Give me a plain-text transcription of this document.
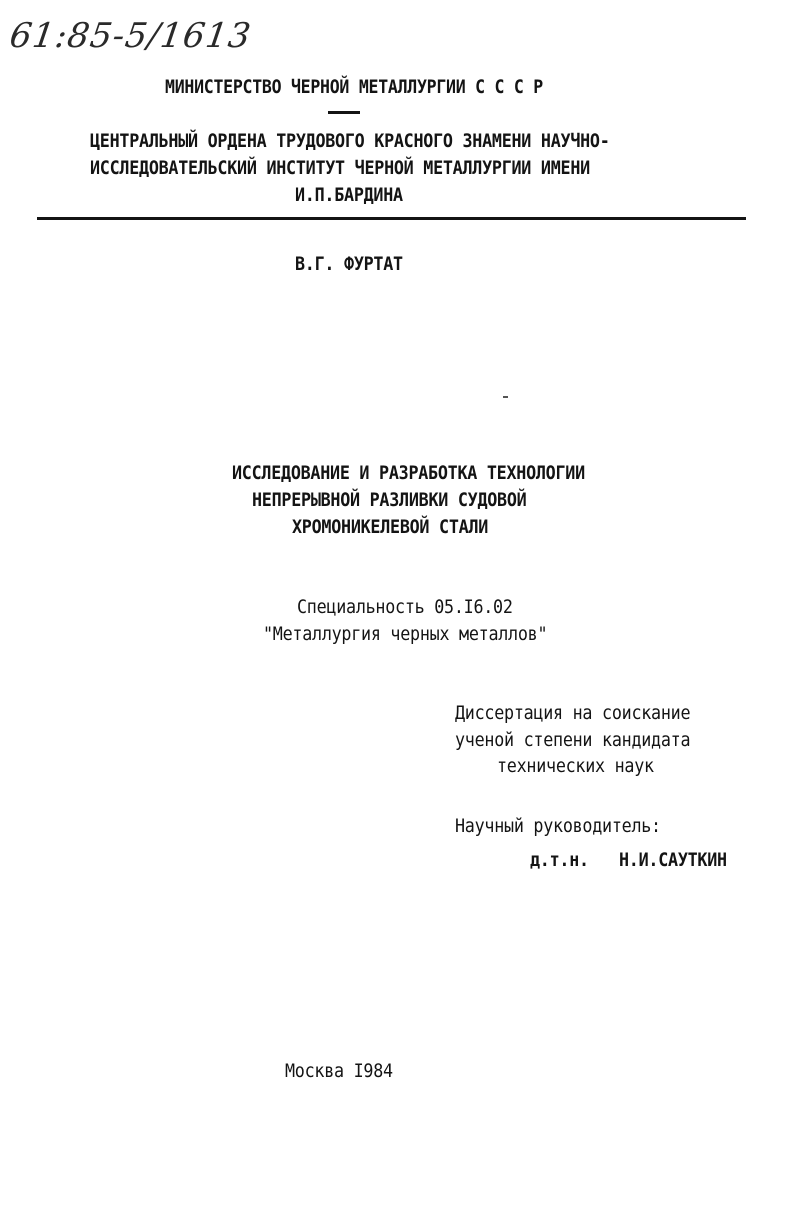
61:85-5/1613
МИНИСТЕРСТВО ЧЕРНОЙ МЕТАЛЛУРГИИ С С С Р
ЦЕНТРАЛЬНЫЙ ОРДЕНА ТРУДОВОГО КРАСНОГО ЗНАМЕНИ НАУЧНО-
ИССЛЕДОВАТЕЛЬСКИЙ ИНСТИТУТ ЧЕРНОЙ МЕТАЛЛУРГИИ ИМЕНИ
И.П.БАРДИНА
В.Г. ФУРТАТ
ИССЛЕДОВАНИЕ И РАЗРАБОТКА ТЕХНОЛОГИИ
НЕПРЕРЫВНОЙ РАЗЛИВКИ СУДОВОЙ
ХРОМОНИКЕЛЕВОЙ СТАЛИ
Специальность 05.I6.02
"Металлургия черных металлов"
Диссертация на соискание
ученой степени кандидата
технических наук
Научный руководитель:
д.т.н. Н.И.САУТКИН
Москва I984
